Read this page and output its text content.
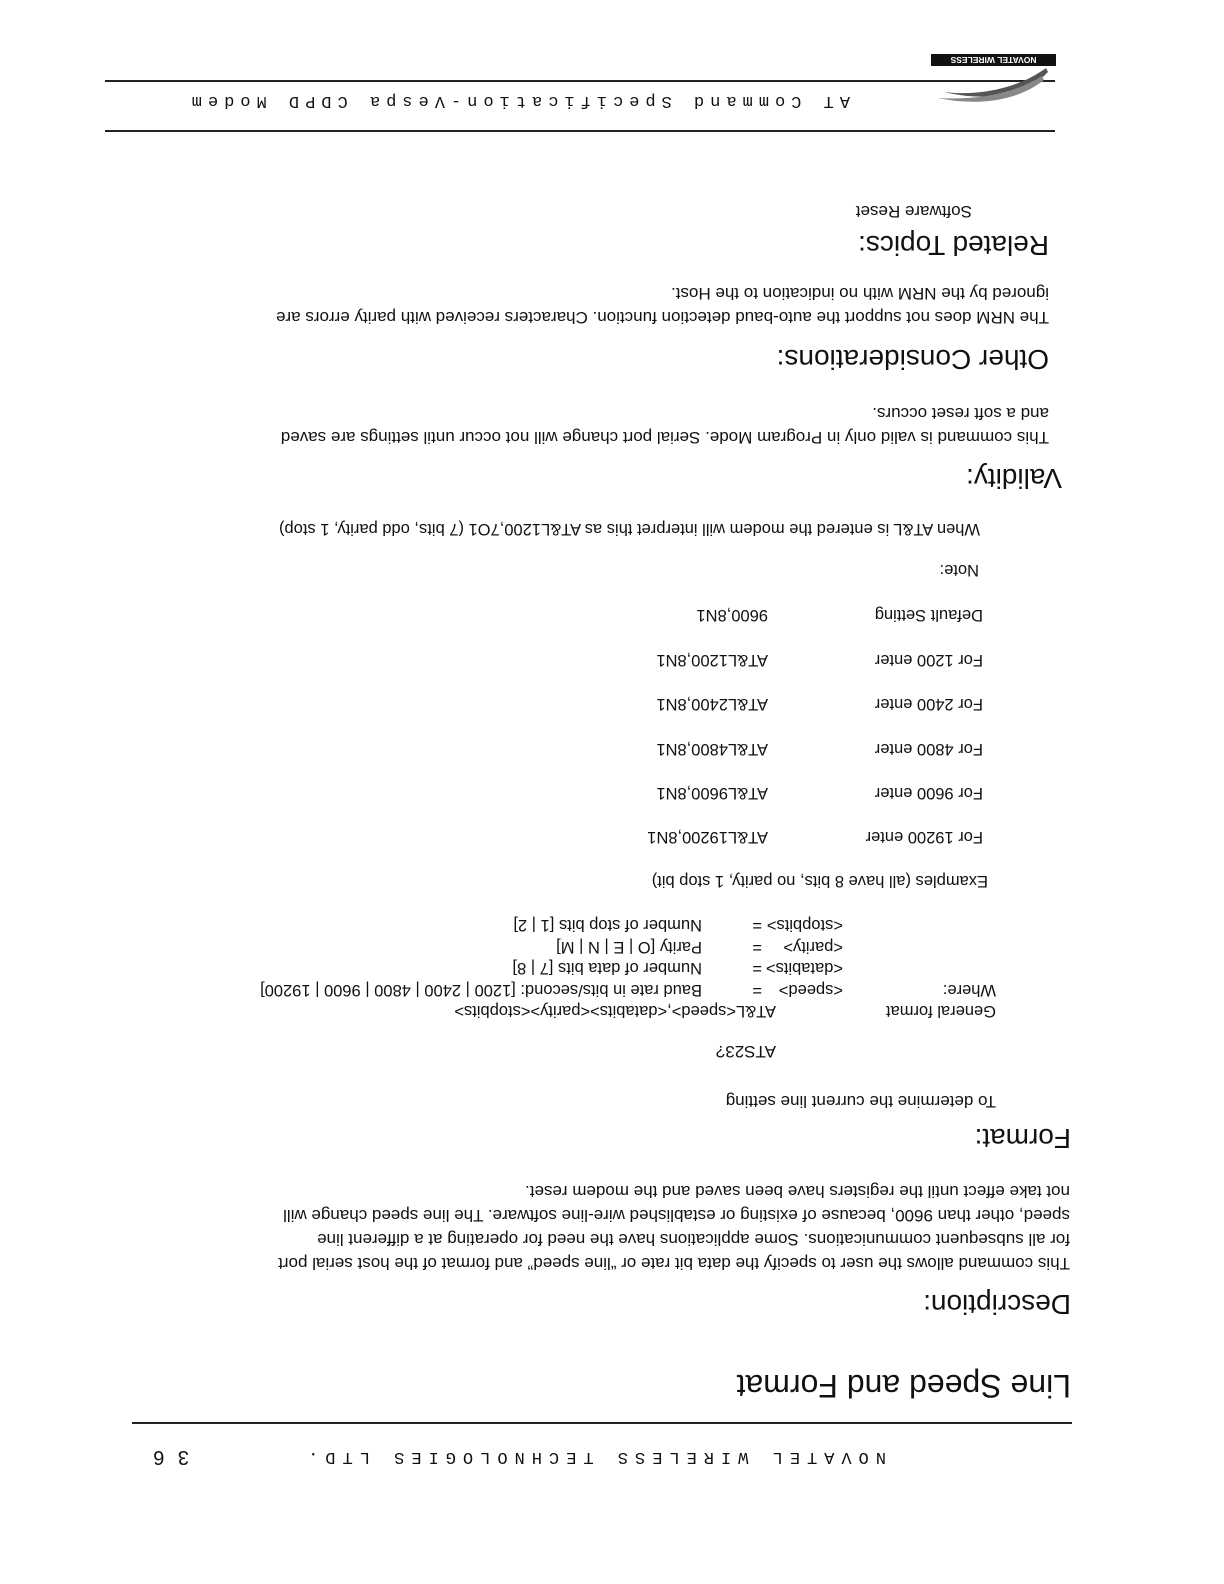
NOVATEL WIRELESS TECHNOLOGIES LTD.
3 6
Line Speed and Format
Description:
This command allows the user to specify the data bit rate or “line speed” and format of the host serial port
for all subsequent communications. Some applications have the need for operating at a different line
speed, other than 9600, because of existing or established wire-line software. The line speed change will
not take effect until the registers have been saved and the modem reset.
Format:
To determine the current line setting
ATS23?
General format
AT&L<speed>,<databits><parity><stopbits>
Where:
<speed>
=
Baud rate in bits/second: [1200 | 2400 | 4800 | 9600 | 19200]
<databits>
=
Number of data bits [7 | 8]
<parity>
=
Parity [O | E | N | M]
<stopbits>
=
Number of stop bits [1 | 2]
Examples (all have 8 bits, no parity, 1 stop bit)
For 19200 enter
AT&L19200,8N1
For 9600 enter
AT&L9600,8N1
For 4800 enter
AT&L4800,8N1
For 2400 enter
AT&L2400,8N1
For 1200 enter
AT&L1200,8N1
Default Setting
9600,8N1
Note:
When AT&L is entered the modem will interpret this as AT&L1200,7O1 (7 bits, odd parity, 1 stop)
Validity:
This command is valid only in Program Mode. Serial port change will not occur until settings are saved
and a soft reset occurs.
Other Considerations:
The NRM does not support the auto-baud detection function. Characters received with parity errors are
ignored by the NRM with no indication to the Host.
Related Topics:
Software Reset
AT Command Specification-Vespa CDPD Modem
NOVATEL WIRELESS
